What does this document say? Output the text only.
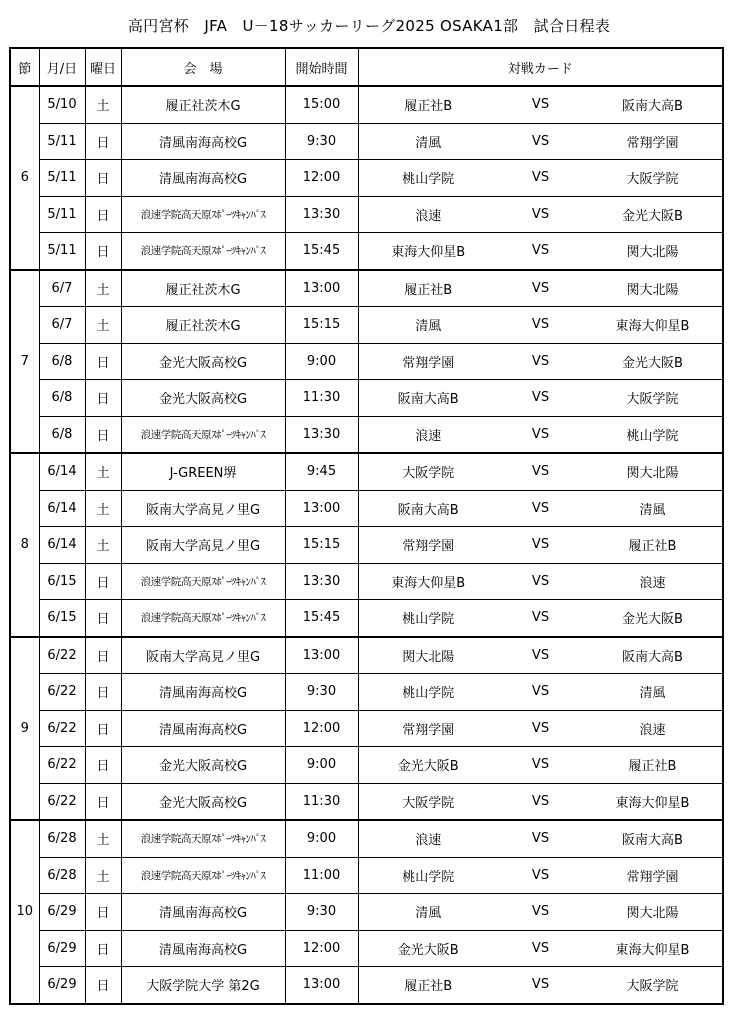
高円宮杯　JFA　U－18サッカーリーグ2025 OSAKA1部　試合日程表
節	月/日	曜日	会　場	開始時間	対戦カード		
6	5/10	土	履正社茨木G	15:00	履正社B	VS	阪南大高B
	5/11	日	清風南海高校G	9:30	清風	VS	常翔学園
	5/11	日	清風南海高校G	12:00	桃山学院	VS	大阪学院
	5/11	日	浪速学院高天原ｽﾎﾟｰﾂｷｬﾝﾊﾟｽ	13:30	浪速	VS	金光大阪B
	5/11	日	浪速学院高天原ｽﾎﾟｰﾂｷｬﾝﾊﾟｽ	15:45	東海大仰星B	VS	関大北陽
7	6/7	土	履正社茨木G	13:00	履正社B	VS	関大北陽
	6/7	土	履正社茨木G	15:15	清風	VS	東海大仰星B
	6/8	日	金光大阪高校G	9:00	常翔学園	VS	金光大阪B
	6/8	日	金光大阪高校G	11:30	阪南大高B	VS	大阪学院
	6/8	日	浪速学院高天原ｽﾎﾟｰﾂｷｬﾝﾊﾟｽ	13:30	浪速	VS	桃山学院
8	6/14	土	J-GREEN堺	9:45	大阪学院	VS	関大北陽
	6/14	土	阪南大学高見ノ里G	13:00	阪南大高B	VS	清風
	6/14	土	阪南大学高見ノ里G	15:15	常翔学園	VS	履正社B
	6/15	日	浪速学院高天原ｽﾎﾟｰﾂｷｬﾝﾊﾟｽ	13:30	東海大仰星B	VS	浪速
	6/15	日	浪速学院高天原ｽﾎﾟｰﾂｷｬﾝﾊﾟｽ	15:45	桃山学院	VS	金光大阪B
9	6/22	日	阪南大学高見ノ里G	13:00	関大北陽	VS	阪南大高B
	6/22	日	清風南海高校G	9:30	桃山学院	VS	清風
	6/22	日	清風南海高校G	12:00	常翔学園	VS	浪速
	6/22	日	金光大阪高校G	9:00	金光大阪B	VS	履正社B
	6/22	日	金光大阪高校G	11:30	大阪学院	VS	東海大仰星B
10	6/28	土	浪速学院高天原ｽﾎﾟｰﾂｷｬﾝﾊﾟｽ	9:00	浪速	VS	阪南大高B
	6/28	土	浪速学院高天原ｽﾎﾟｰﾂｷｬﾝﾊﾟｽ	11:00	桃山学院	VS	常翔学園
	6/29	日	清風南海高校G	9:30	清風	VS	関大北陽
	6/29	日	清風南海高校G	12:00	金光大阪B	VS	東海大仰星B
	6/29	日	大阪学院大学 第2G	13:00	履正社B	VS	大阪学院
